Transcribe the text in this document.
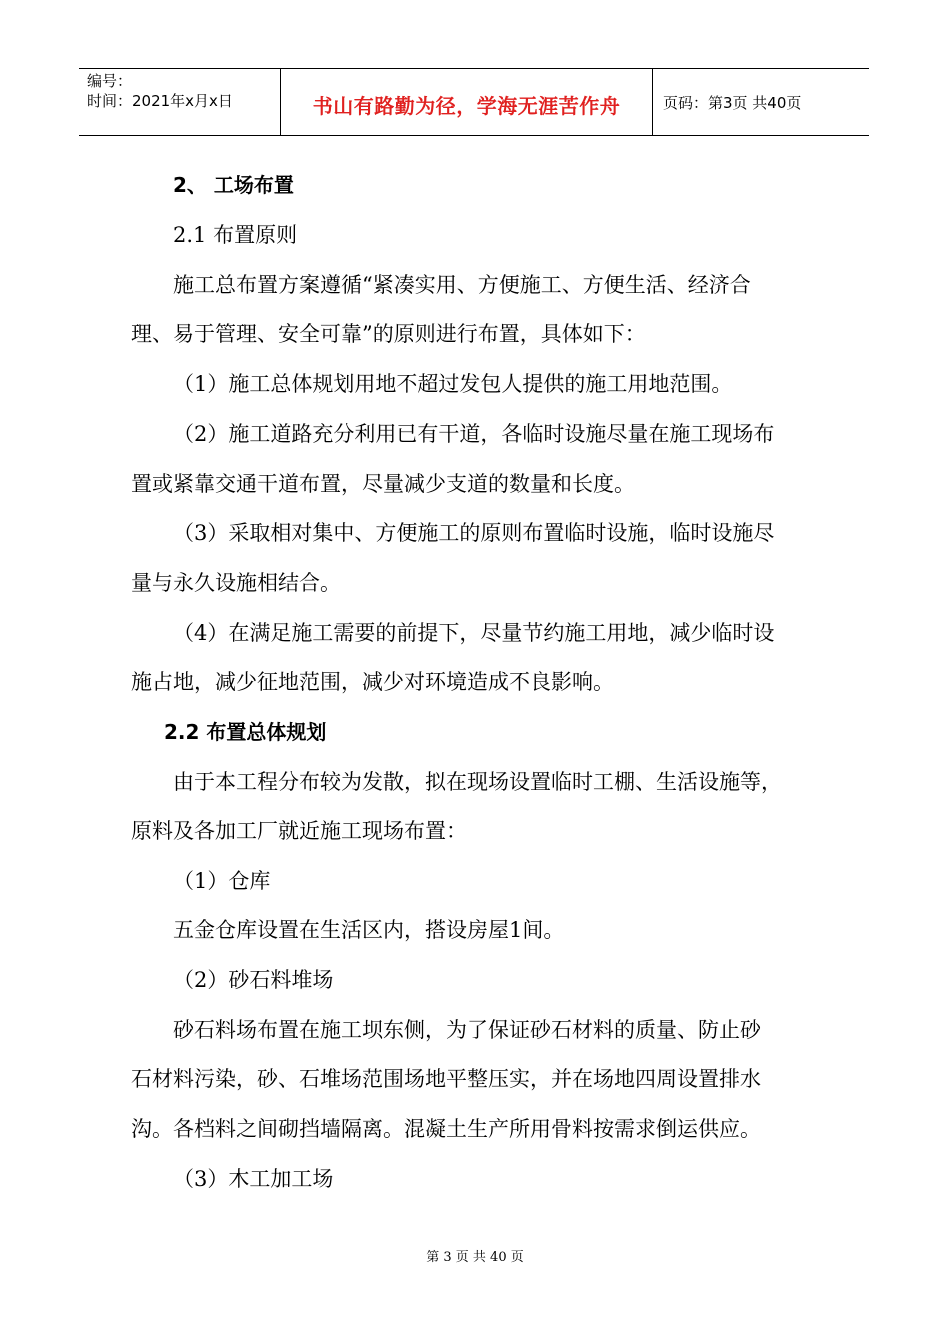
编号：
时间：2021年x月x日	书山有路勤为径，学海无涯苦作舟	页码：第3页 共40页
2、 工场布置
2.1 布置原则
施工总布置方案遵循“紧凑实用、方便施工、方便生活、经济合
理、易于管理、安全可靠”的原则进行布置，具体如下：
（1）施工总体规划用地不超过发包人提供的施工用地范围。
（2）施工道路充分利用已有干道，各临时设施尽量在施工现场布
置或紧靠交通干道布置，尽量减少支道的数量和长度。
（3）采取相对集中、方便施工的原则布置临时设施，临时设施尽
量与永久设施相结合。
（4）在满足施工需要的前提下，尽量节约施工用地，减少临时设
施占地，减少征地范围，减少对环境造成不良影响。
2.2 布置总体规划
由于本工程分布较为发散，拟在现场设置临时工棚、生活设施等，
原料及各加工厂就近施工现场布置：
（1）仓库
五金仓库设置在生活区内，搭设房屋1间。
（2）砂石料堆场
砂石料场布置在施工坝东侧，为了保证砂石材料的质量、防止砂
石材料污染，砂、石堆场范围场地平整压实，并在场地四周设置排水
沟。各档料之间砌挡墙隔离。混凝土生产所用骨料按需求倒运供应。
（3）木工加工场
第 3 页 共 40 页
